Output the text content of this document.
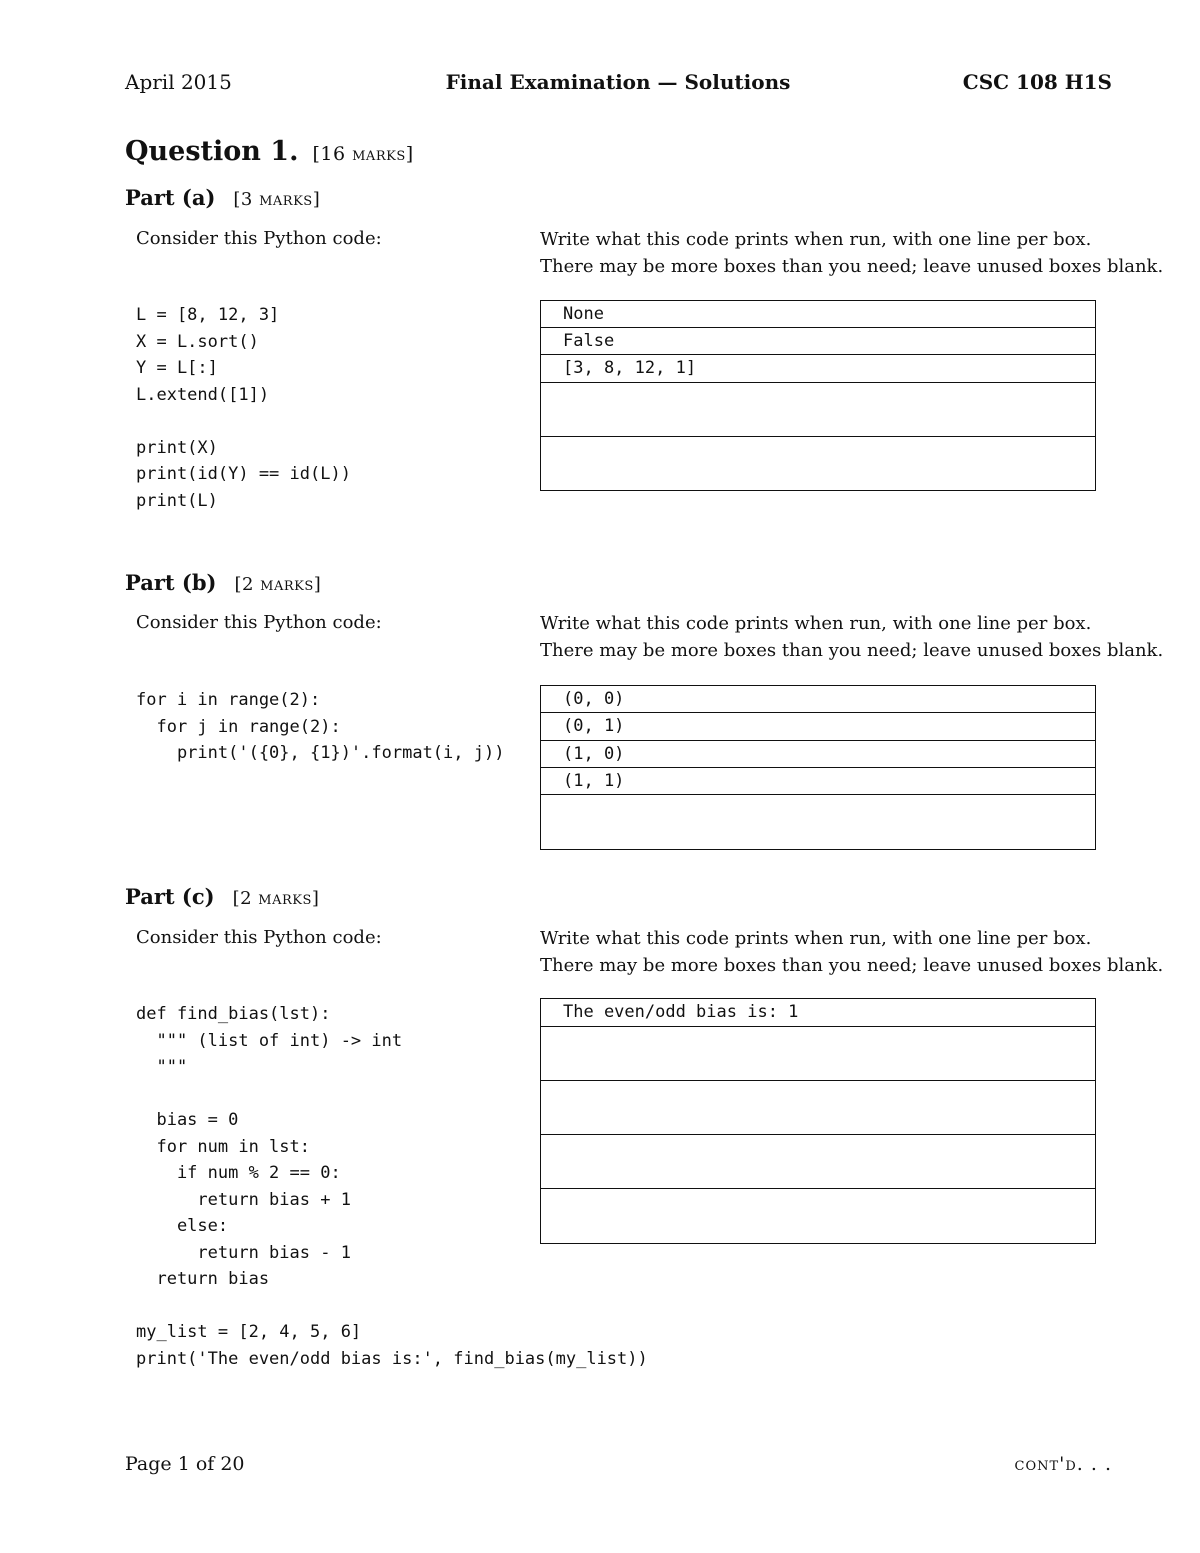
April 2015	Final Examination — Solutions	CSC 108 H1S
Question 1. [16 marks]
Part (a) [3 marks]
Consider this Python code:	Write what this code prints when run, with one line per box.
There may be more boxes than you need; leave unused boxes blank.
L = [8, 12, 3]
X = L.sort()
Y = L[:]
L.extend([1])

print(X)
print(id(Y) == id(L))
print(L)
None
False
[3, 8, 12, 1]
Part (b) [2 marks]
Consider this Python code:	Write what this code prints when run, with one line per box.
There may be more boxes than you need; leave unused boxes blank.
for i in range(2):
for j in range(2):
print('({0}, {1})'.format(i, j))
(0, 0)
(0, 1)
(1, 0)
(1, 1)
Part (c) [2 marks]
Consider this Python code:	Write what this code prints when run, with one line per box.
There may be more boxes than you need; leave unused boxes blank.
def find_bias(lst):
""" (list of int) -> int
"""

bias = 0
for num in lst:
if num % 2 == 0:
return bias + 1
else:
return bias - 1
return bias

my_list = [2, 4, 5, 6]
print('The even/odd bias is:', find_bias(my_list))
The even/odd bias is: 1
Page 1 of 20	cont'd. . .
